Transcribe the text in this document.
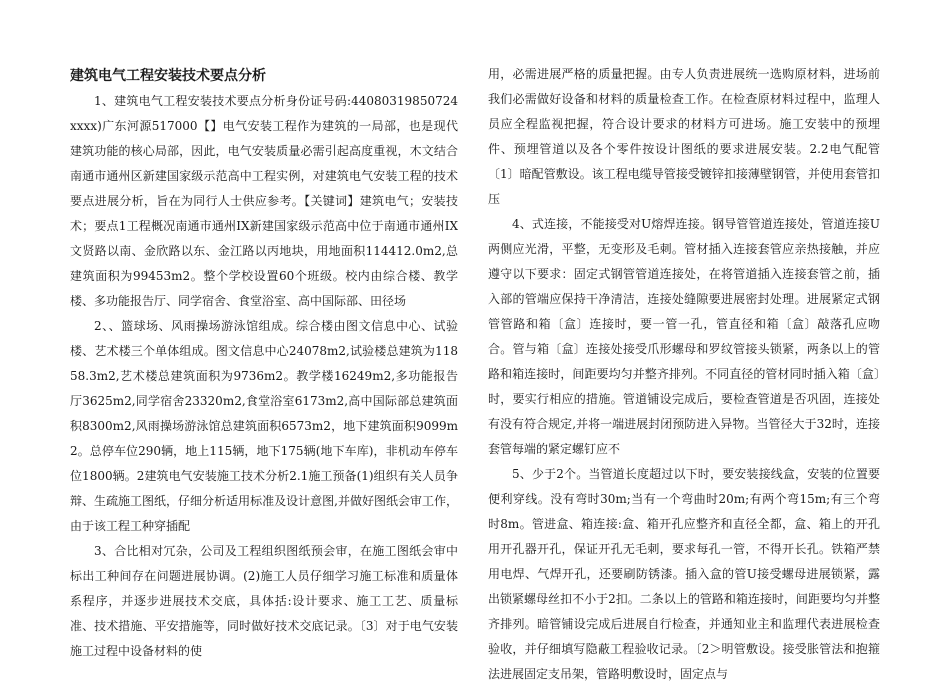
建筑电气工程安装技术要点分析

1、建筑电气工程安装技术要点分析身份证号码:44080319850724xxxx)广东河源517000【】电气安装工程作为建筑的一局部，也是现代建筑功能的核心局部，因此，电气安装质量必需引起高度重视，木文结合南通市通州区新建国家级示范高中工程实例，对建筑电气安装工程的技术要点进展分析，旨在为同行人士供应参考。【关键词】建筑电气；安装技术；要点1工程概况南通市通州IX新建国家级示范高中位于南通市通州IX文贤路以南、金欣路以东、金江路以丙地块，用地面积114412.0m2,总建筑面积为99453m2。整个学校设置60个班级。校内由综合楼、教学楼、多功能报告厅、同学宿舍、食堂浴室、高中国际部、田径场

2、、篮球场、风雨操场游泳馆组成。综合楼由图文信息中心、试验楼、艺术楼三个单体组成。图文信息中心24078m2,试验楼总建筑为11858.3m2,艺术楼总建筑面积为9736m2。教学楼16249m2,多功能报告厅3625m2,同学宿舍23320m2,食堂浴室6173m2,高中国际部总建筑面积8300m2,风雨操场游泳馆总建筑面积6573m2，地下建筑面积9099m2。总停车位290辆，地上115辆，地下175辆(地下车库)，非机动车停车位1800辆。2建筑电气安装施工技术分析2.1施工预备(1)组织有关人员争辩、生疏施工图纸，仔细分析适用标准及设计意图,并做好图纸会审工作，由于该工程工种穿插配

3、合比相对冗杂，公司及工程组织图纸预会审，在施工图纸会审中标出工种间存在问题进展协调。(2)施工人员仔细学习施工标准和质量体系程序，并逐步进展技术交底，具体括:设计要求、施工工艺、质量标准、技术措施、平安措施等，同时做好技术交底记录。〔3〕对于电气安装施工过程中设备材料的使

用，必需进展严格的质量把握。由专人负责进展统一选购原材料，进场前我们必需做好设备和材料的质量检查工作。在检查原材料过程中，监理人员应全程监视把握，符合设计要求的材料方可进场。施工安装中的预埋件、预埋管道以及各个零件按设计图纸的要求进展安装。2.2电气配管〔1〕暗配管敷设。该工程电缆导管接受镀锌扣接薄壁钢管，并使用套管扣压

4、式连接，不能接受对U熔焊连接。钢导管管道连接处，管道连接U两侧应光滑，平整，无变形及毛刺。管材插入连接套管应亲热接触，并应遵守以下要求：固定式钢管管道连接处，在将管道插入连接套管之前，插入部的管端应保持干净清洁，连接处缝隙要进展密封处理。进展紧定式钢管管路和箱〔盒〕连接时，要一管一孔，管直径和箱〔盒〕敲落孔应吻合。管与箱〔盒〕连接处接受爪形螺母和罗纹管接头锁紧，两条以上的管路和箱连接时，间距要均匀并整齐排列。不同直径的管材同时插入箱〔盒〕时，要实行相应的措施。管道铺设完成后，要检查管道是否巩固，连接处有没有符合规定,并将一端进展封闭预防进入异物。当管径大于32时，连接套管每端的紧定螺钉应不

5、少于2个。当管道长度超过以下时，要安装接线盒，安装的位置要便利穿线。没有弯时30m;当有一个弯曲时20m;有两个弯15m;有三个弯时8m。管进盒、箱连接:盒、箱开孔应整齐和直径全都，盒、箱上的开孔用开孔器开孔，保证开孔无毛刺，要求每孔一管，不得开长孔。铁箱严禁用电焊、气焊开孔，还要刷防锈漆。插入盒的管U接受螺母进展锁紧，露出锁紧螺母丝扣不小于2扣。二条以上的管路和箱连接时，间距要均匀并整齐排列。暗管铺设完成后进展自行检查，并通知业主和监理代表进展检查验收，并仔细填写隐蔽工程验收记录。〔2＞明管敷设。接受胀管法和抱箍法进展固定支吊架，管路明敷设时，固定点与
